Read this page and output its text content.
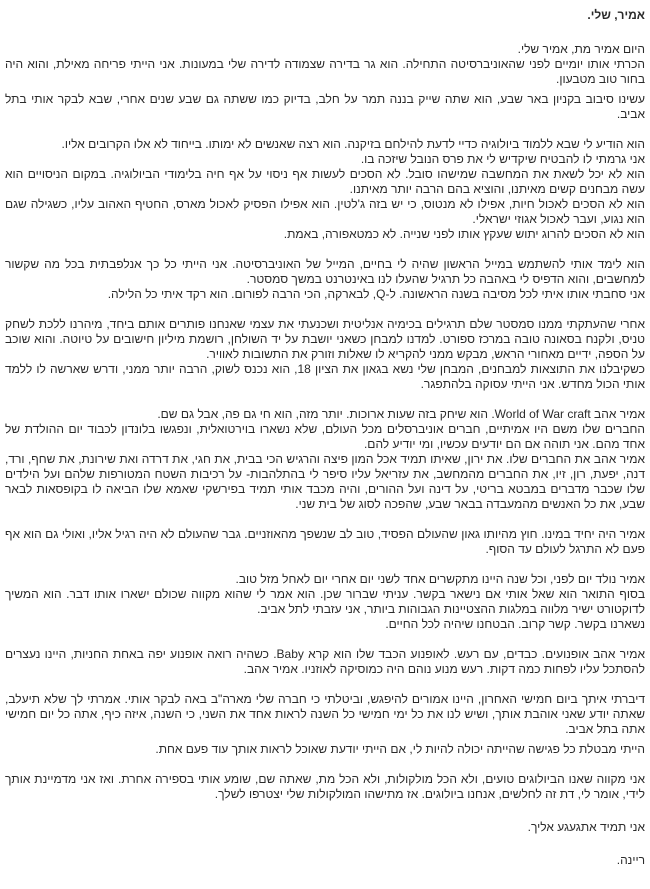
אמיר, שלי.

היום אמיר מת, אמיר שלי.

הכרתי אותו יומיים לפני שהאוניברסיטה התחילה. הוא גר בדירה שצמודה לדירה שלי במעונות. אני הייתי פריחה מאילת, והוא היה בחור טוב מטבעון.

עשינו סיבוב בקניון באר שבע, הוא שתה שייק בננה תמר על חלב, בדיוק כמו ששתה גם שבע שנים אחרי, שבא לבקר אותי בתל אביב.

הוא הודיע לי שבא ללמוד ביולוגיה כדיי לדעת להילחם בזיקנה. הוא רצה שאנשים לא ימותו. בייחוד לא אלו הקרובים אליו.

אני גרמתי לו להבטיח שיקדיש לי את פרס הנובל שיזכה בו.

הוא לא יכל לשאת את המחשבה שמישהו סובל. לא הסכים לעשות אף ניסוי על אף חיה בלימודי הביולוגיה. במקום הניסויים הוא עשה מבחנים קשים מאיתנו, והוציא בהם הרבה יותר מאיתנו.

הוא לא הסכים לאכול חיות, אפילו לא מנטוס, כי יש בזה ג'לטין. הוא אפילו הפסיק לאכול מארס, החטיף האהוב עליו, כשגילה שגם הוא נגוע, ועבר לאכול אגוזי ישראלי.

הוא לא הסכים להרוג יתוש שעקץ אותו לפני שנייה. לא כמטאפורה, באמת.

הוא לימד אותי להשתמש במייל הראשון שהיה לי בחיים, המייל של האוניברסיטה. אני הייתי כל כך אנלפבתית בכל מה שקשור למחשבים, והוא הדפיס לי באהבה כל תרגיל שהעלו לנו באינטרנט במשך סמסטר.

אני סחבתי אותו איתי לכל מסיבה בשנה הראשונה. ל-Q, לבארקה, הכי הרבה לפורום. הוא רקד איתי כל הלילה.

אחרי שהעתקתי ממנו סמסטר שלם תרגילים בכימיה אנליטית ושכנעתי את עצמי שאנחנו פותרים אותם ביחד, מיהרנו ללכת לשחק טניס, ולקנח בסאונה טובה במרכז ספורט. למדנו למבחן כשאני יושבת על יד השולחן, רושמת מיליון חישובים על טיוטה. והוא שוכב על הספה, ידיים מאחורי הראש, מבקש ממני להקריא לו שאלות וזורק את התשובות לאוויר.

כשקיבלנו את התוצאות למבחנים, המבחן שלי נשא בגאון את הציון 18, הוא נכנס לשוק, הרבה יותר ממני, ודרש שארשה לו ללמד אותי הכול מחדש. אני הייתי עסוקה בלהתפגר.

אמיר אהב World of War craft. הוא שיחק בזה שעות ארוכות. יותר מזה, הוא חי גם פה, אבל גם שם.

החברים שלו משם היו אמיתיים, חברים אוניברסלים מכל העולם, שלא נשארו בוירטואלית, ונפגשו בלונדון לכבוד יום ההולדת של אחד מהם. אני תוהה אם הם יודעים עכשיו, ומי יודיע להם.

אמיר אהב את החברים שלו. את ירון, שאיתו תמיד אכל המון פיצה והרגיש הכי בבית, את חגי, את דרדה ואת שירונת, את שחף, ורד, דנה, יפעת, רון, זיו, את החברים מהמחשב, את עזריאל עליו סיפר לי בהתלהבות- על רכיבות השטח המטורפות שלהם ועל הילדים שלו שכבר מדברים במבטא בריטי, על דינה ועל ההורים, והיה מכבד אותי תמיד בפירשקי שאמא שלו הביאה לו בקופסאות לבאר שבע, את כל האנשים מהמעבדה בבאר שבע, שהפכה לסוג של בית שני.

אמיר היה יחיד במינו. חוץ מהיותו גאון שהעולם הפסיד, טוב לב שנשפך מהאוזניים. גבר שהעולם לא היה רגיל אליו, ואולי גם הוא אף פעם לא התרגל לעולם עד הסוף.

אמיר נולד יום לפני, וכל שנה היינו מתקשרים אחד לשני יום אחרי יום לאחל מזל טוב.

בסוף התואר הוא שאל אותי אם נישאר בקשר. עניתי שברור שכן. הוא אמר לי שהוא מקווה שכולם ישארו אותו דבר. הוא המשיך לדוקטורט ישיר מלווה במלגות ההצטיינות הגבוהות ביותר, אני עזבתי לתל אביב.

נשארנו בקשר. קשר קרוב. הבטחנו שיהיה לכל החיים.

אמיר אהב אופנועים. כבדים, עם רעש. לאופנוע הכבד שלו הוא קרא Baby. כשהיה רואה אופנוע יפה באחת החניות, היינו נעצרים להסתכל עליו לפחות כמה דקות. רעש מנוע נוהם היה כמוסיקה לאוזניו. אמיר אהב.

דיברתי איתך ביום חמישי האחרון, היינו אמורים להיפגש, וביטלתי כי חברה שלי מארה"ב באה לבקר אותי. אמרתי לך שלא תיעלב, שאתה יודע שאני אוהבת אותך, ושיש לנו את כל ימי חמישי כל השנה לראות אחד את השני, כי השנה, איזה כיף, אתה כל יום חמישי אתה בתל אביב.

הייתי מבטלת כל פגישה שהייתה יכולה להיות לי, אם הייתי יודעת שאוכל לראות אותך עוד פעם אחת.

אני מקווה שאנו הביולוגים טועים, ולא הכל מולקולות, ולא הכל מת, שאתה שם, שומע אותי בספירה אחרת. ואז אני מדמיינת אותך לידי, אומר לי, דת זה לחלשים, אנחנו ביולוגים. אז מתישהו המולקולות שלי יצטרפו לשלך.

אני תמיד אתגעגע אליך.

ריינה.
